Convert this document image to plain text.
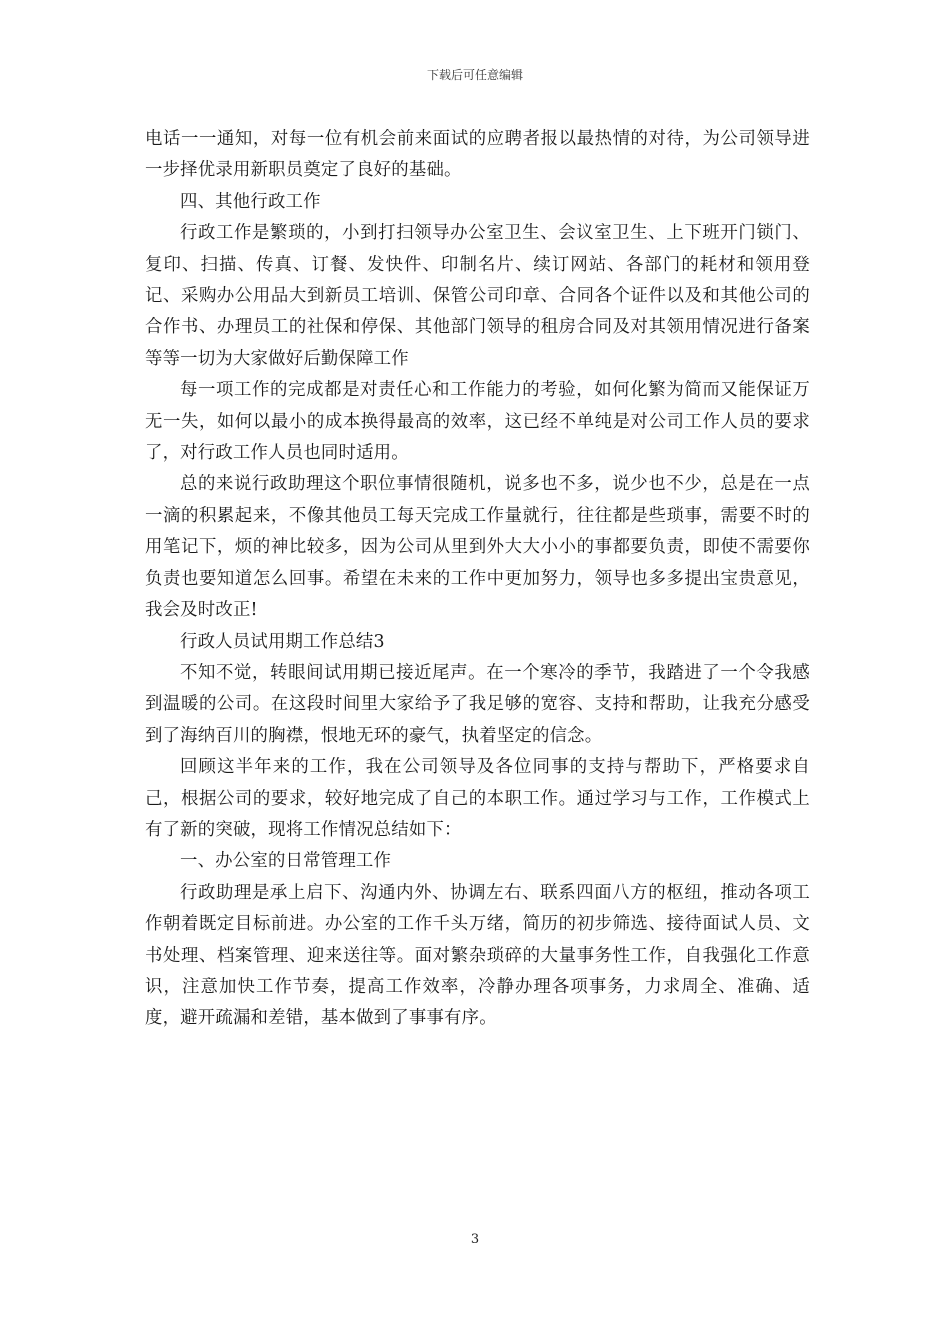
下载后可任意编辑

电话一一通知，对每一位有机会前来面试的应聘者报以最热情的对待，为公司领导进一步择优录用新职员奠定了良好的基础。

四、其他行政工作

行政工作是繁琐的，小到打扫领导办公室卫生、会议室卫生、上下班开门锁门、复印、扫描、传真、订餐、发快件、印制名片、续订网站、各部门的耗材和领用登记、采购办公用品大到新员工培训、保管公司印章、合同各个证件以及和其他公司的合作书、办理员工的社保和停保、其他部门领导的租房合同及对其领用情况进行备案等等一切为大家做好后勤保障工作

每一项工作的完成都是对责任心和工作能力的考验，如何化繁为简而又能保证万无一失，如何以最小的成本换得最高的效率，这已经不单纯是对公司工作人员的要求了，对行政工作人员也同时适用。

总的来说行政助理这个职位事情很随机，说多也不多，说少也不少，总是在一点一滴的积累起来，不像其他员工每天完成工作量就行，往往都是些琐事，需要不时的用笔记下，烦的神比较多，因为公司从里到外大大小小的事都要负责，即使不需要你负责也要知道怎么回事。希望在未来的工作中更加努力，领导也多多提出宝贵意见，我会及时改正!

行政人员试用期工作总结3

不知不觉，转眼间试用期已接近尾声。在一个寒冷的季节，我踏进了一个令我感到温暖的公司。在这段时间里大家给予了我足够的宽容、支持和帮助，让我充分感受到了海纳百川的胸襟，恨地无环的豪气，执着坚定的信念。

回顾这半年来的工作，我在公司领导及各位同事的支持与帮助下，严格要求自己，根据公司的要求，较好地完成了自己的本职工作。通过学习与工作，工作模式上有了新的突破，现将工作情况总结如下：

一、办公室的日常管理工作

行政助理是承上启下、沟通内外、协调左右、联系四面八方的枢纽，推动各项工作朝着既定目标前进。办公室的工作千头万绪，简历的初步筛选、接待面试人员、文书处理、档案管理、迎来送往等。面对繁杂琐碎的大量事务性工作，自我强化工作意识，注意加快工作节奏，提高工作效率，冷静办理各项事务，力求周全、准确、适度，避开疏漏和差错，基本做到了事事有序。

3
